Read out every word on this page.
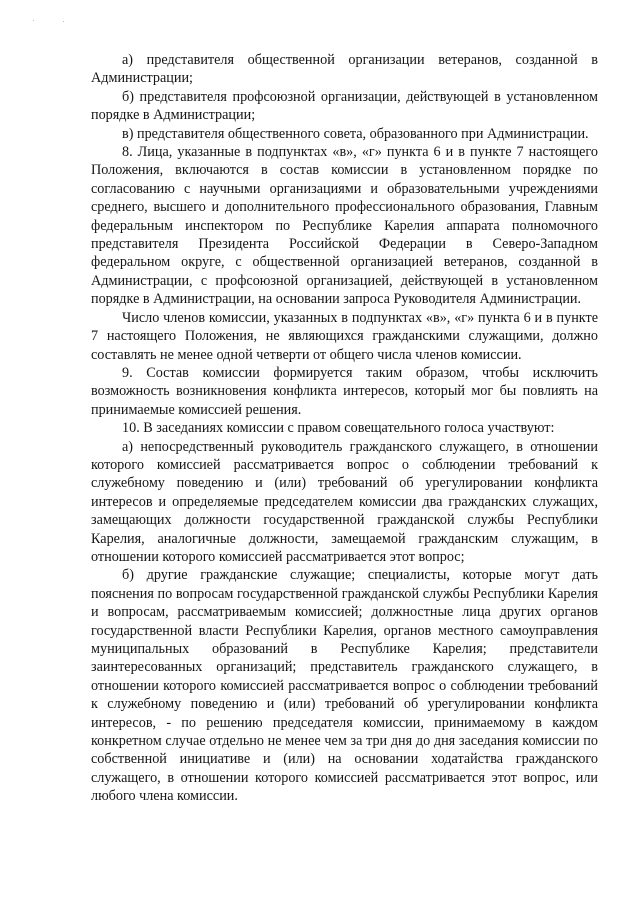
а) представителя общественной организации ветеранов, созданной в Администрации;

б) представителя профсоюзной организации, действующей в установленном порядке в Администрации;

в) представителя общественного совета, образованного при Администрации.

8. Лица, указанные в подпунктах «в», «г» пункта 6 и в пункте 7 настоящего Положения, включаются в состав комиссии в установленном порядке по согласованию с научными организациями и образовательными учреждениями среднего, высшего и дополнительного профессионального образования, Главным федеральным инспектором по Республике Карелия аппарата полномочного представителя Президента Российской Федерации в Северо-Западном федеральном округе, с общественной организацией ветеранов, созданной в Администрации, с профсоюзной организацией, действующей в установленном порядке в Администрации, на основании запроса Руководителя Администрации.

Число членов комиссии, указанных в подпунктах «в», «г» пункта 6 и в пункте 7 настоящего Положения, не являющихся гражданскими служащими, должно составлять не менее одной четверти от общего числа членов комиссии.

9. Состав комиссии формируется таким образом, чтобы исключить возможность возникновения конфликта интересов, который мог бы повлиять на принимаемые комиссией решения.

10. В заседаниях комиссии с правом совещательного голоса участвуют:

а) непосредственный руководитель гражданского служащего, в отношении которого комиссией рассматривается вопрос о соблюдении требований к служебному поведению и (или) требований об урегулировании конфликта интересов и определяемые председателем комиссии два гражданских служащих, замещающих должности государственной гражданской службы Республики Карелия, аналогичные должности, замещаемой гражданским служащим, в отношении которого комиссией рассматривается этот вопрос;

б) другие гражданские служащие; специалисты, которые могут дать пояснения по вопросам государственной гражданской службы Республики Карелия и вопросам, рассматриваемым комиссией; должностные лица других органов государственной власти Республики Карелия, органов местного самоуправления муниципальных образований в Республике Карелия; представители заинтересованных организаций; представитель гражданского служащего, в отношении которого комиссией рассматривается вопрос о соблюдении требований к служебному поведению и (или) требований об урегулировании конфликта интересов, - по решению председателя комиссии, принимаемому в каждом конкретном случае отдельно не менее чем за три дня до дня заседания комиссии по собственной инициативе и (или) на основании ходатайства гражданского служащего, в отношении которого комиссией рассматривается этот вопрос, или любого члена комиссии.
